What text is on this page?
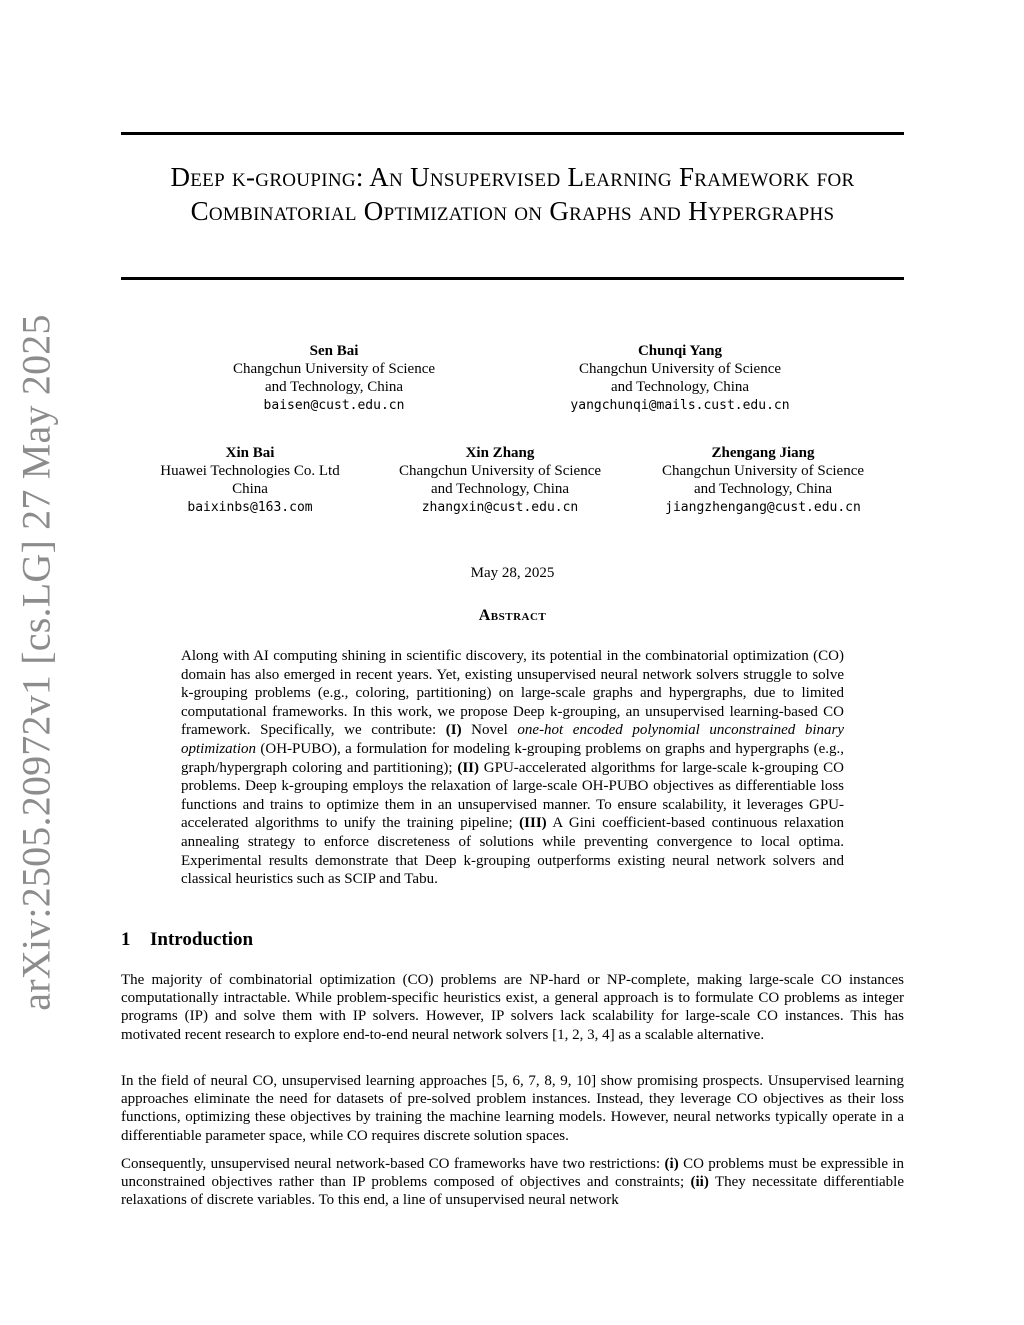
arXiv:2505.20972v1 [cs.LG] 27 May 2025
Deep k-grouping: An Unsupervised Learning Framework for Combinatorial Optimization on Graphs and Hypergraphs
Sen Bai
Changchun University of Science
and Technology, China
baisen@cust.edu.cn
Chunqi Yang
Changchun University of Science
and Technology, China
yangchunqi@mails.cust.edu.cn
Xin Bai
Huawei Technologies Co. Ltd
China
baixinbs@163.com
Xin Zhang
Changchun University of Science
and Technology, China
zhangxin@cust.edu.cn
Zhengang Jiang
Changchun University of Science
and Technology, China
jiangzhengang@cust.edu.cn
May 28, 2025
Abstract
Along with AI computing shining in scientific discovery, its potential in the combinatorial optimization (CO) domain has also emerged in recent years. Yet, existing unsupervised neural network solvers struggle to solve k-grouping problems (e.g., coloring, partitioning) on large-scale graphs and hypergraphs, due to limited computational frameworks. In this work, we propose Deep k-grouping, an unsupervised learning-based CO framework. Specifically, we contribute: (I) Novel one-hot encoded polynomial unconstrained binary optimization (OH-PUBO), a formulation for modeling k-grouping problems on graphs and hypergraphs (e.g., graph/hypergraph coloring and partitioning); (II) GPU-accelerated algorithms for large-scale k-grouping CO problems. Deep k-grouping employs the relaxation of large-scale OH-PUBO objectives as differentiable loss functions and trains to optimize them in an unsupervised manner. To ensure scalability, it leverages GPU-accelerated algorithms to unify the training pipeline; (III) A Gini coefficient-based continuous relaxation annealing strategy to enforce discreteness of solutions while preventing convergence to local optima. Experimental results demonstrate that Deep k-grouping outperforms existing neural network solvers and classical heuristics such as SCIP and Tabu.
1 Introduction

The majority of combinatorial optimization (CO) problems are NP-hard or NP-complete, making large-scale CO instances computationally intractable. While problem-specific heuristics exist, a general approach is to formulate CO problems as integer programs (IP) and solve them with IP solvers. However, IP solvers lack scalability for large-scale CO instances. This has motivated recent research to explore end-to-end neural network solvers [1, 2, 3, 4] as a scalable alternative.

In the field of neural CO, unsupervised learning approaches [5, 6, 7, 8, 9, 10] show promising prospects. Unsupervised learning approaches eliminate the need for datasets of pre-solved problem instances. Instead, they leverage CO objectives as their loss functions, optimizing these objectives by training the machine learning models. However, neural networks typically operate in a differentiable parameter space, while CO requires discrete solution spaces.

Consequently, unsupervised neural network-based CO frameworks have two restrictions: (i) CO problems must be expressible in unconstrained objectives rather than IP problems composed of objectives and constraints; (ii) They necessitate differentiable relaxations of discrete variables. To this end, a line of unsupervised neural network
